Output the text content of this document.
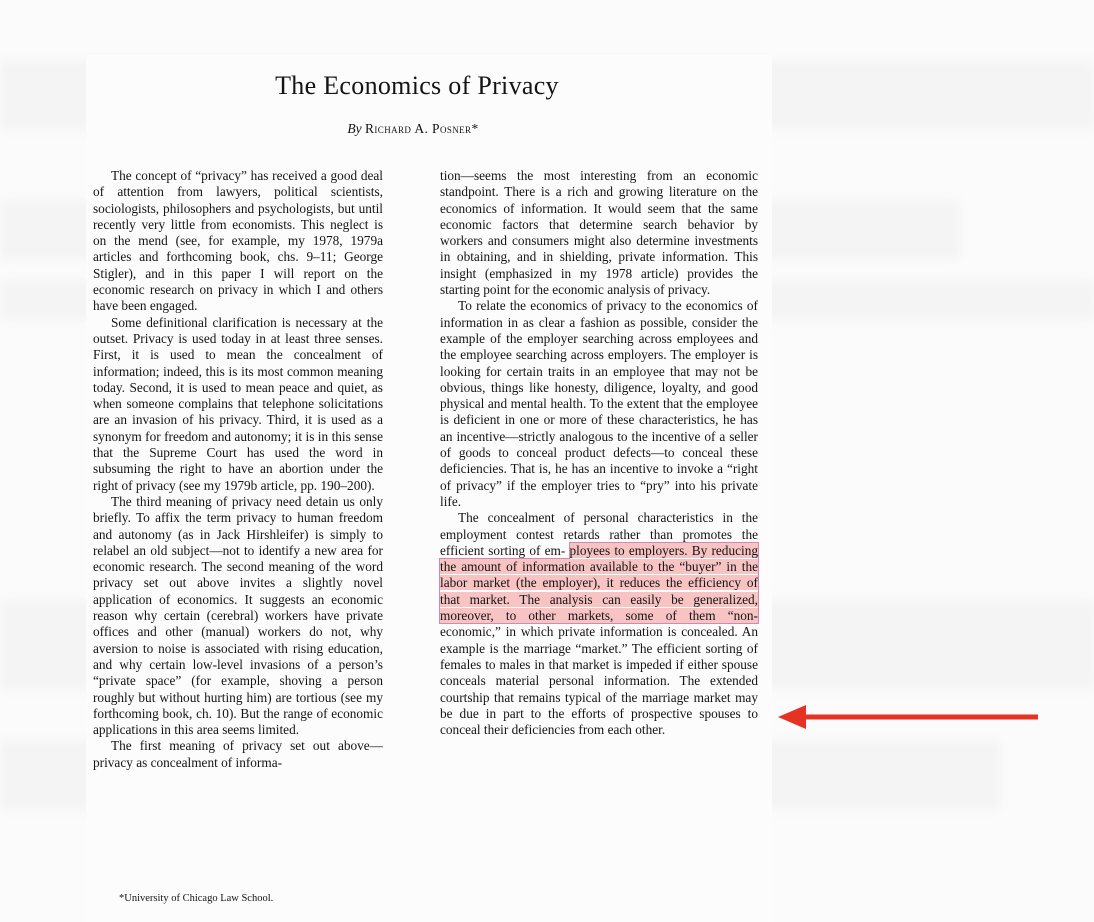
The Economics of Privacy
By Richard A. Posner*

The concept of “privacy” has received a good deal of attention from lawyers, political scientists, sociologists, philosophers and psychologists, but until recently very little from economists. This neglect is on the mend (see, for example, my 1978, 1979a articles and forthcoming book, chs. 9–11; George Stigler), and in this paper I will report on the economic research on privacy in which I and others have been engaged.

Some definitional clarification is necessary at the outset. Privacy is used today in at least three senses. First, it is used to mean the concealment of information; indeed, this is its most common meaning today. Second, it is used to mean peace and quiet, as when someone complains that telephone solicitations are an invasion of his privacy. Third, it is used as a synonym for freedom and autonomy; it is in this sense that the Supreme Court has used the word in subsuming the right to have an abortion under the right of privacy (see my 1979b article, pp. 190–200).

The third meaning of privacy need detain us only briefly. To affix the term privacy to human freedom and autonomy (as in Jack Hirshleifer) is simply to relabel an old subject—not to identify a new area for economic research. The second meaning of the word privacy set out above invites a slightly novel application of economics. It suggests an economic reason why certain (cerebral) workers have private offices and other (manual) workers do not, why aversion to noise is associated with rising education, and why certain low-level invasions of a person’s “private space” (for example, shoving a person roughly but without hurting him) are tortious (see my forthcoming book, ch. 10). But the range of economic applications in this area seems limited.

The first meaning of privacy set out above—privacy as concealment of informa-

tion—seems the most interesting from an economic standpoint. There is a rich and growing literature on the economics of information. It would seem that the same economic factors that determine search behavior by workers and consumers might also determine investments in obtaining, and in shielding, private information. This insight (emphasized in my 1978 article) provides the starting point for the economic analysis of privacy.

To relate the economics of privacy to the economics of information in as clear a fashion as possible, consider the example of the employer searching across employees and the employee searching across employers. The employer is looking for certain traits in an employee that may not be obvious, things like honesty, diligence, loyalty, and good physical and mental health. To the extent that the employee is deficient in one or more of these characteristics, he has an incentive—strictly analogous to the incentive of a seller of goods to conceal product defects—to conceal these deficiencies. That is, he has an incentive to invoke a “right of privacy” if the employer tries to “pry” into his private life.

The concealment of personal characteristics in the employment contest retards rather than promotes the efficient sorting of em- ployees to employers. By reducing the amount of information available to the “buyer” in the labor market (the employer), it reduces the efficiency of that market. The analysis can easily be generalized, moreover, to other markets, some of them “non- economic,” in which private information is concealed. An example is the marriage “market.” The efficient sorting of females to males in that market is impeded if either spouse conceals material personal information. The extended courtship that remains typical of the marriage market may be due in part to the efforts of prospective spouses to conceal their deficiencies from each other.

*University of Chicago Law School.
